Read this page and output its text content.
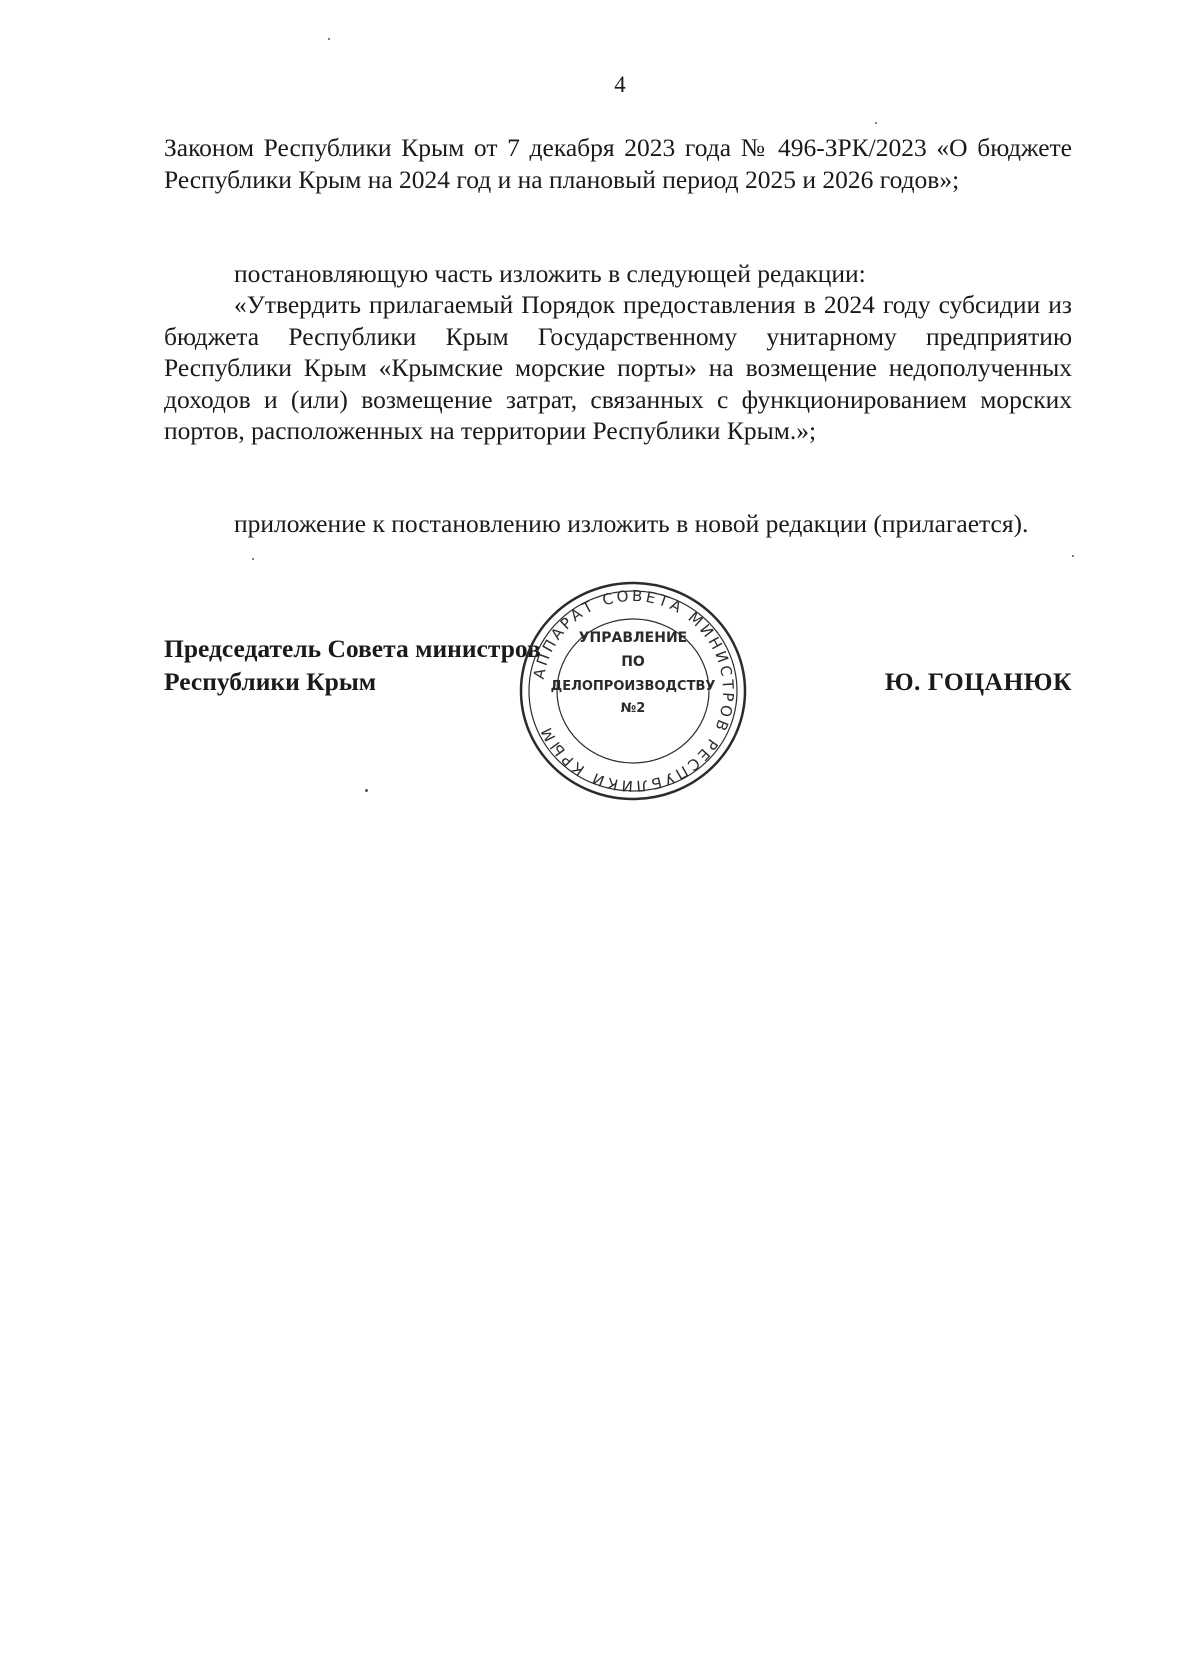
4

Законом Республики Крым от 7 декабря 2023 года № 496-ЗРК/2023 «О бюджете Республики Крым на 2024 год и на плановый период 2025 и 2026 годов»;

постановляющую часть изложить в следующей редакции:

«Утвердить прилагаемый Порядок предоставления в 2024 году субсидии из бюджета Республики Крым Государственному унитарному предприятию Республики Крым «Крымские морские порты» на возмещение недополученных доходов и (или) возмещение затрат, связанных с функционированием морских портов, расположенных на территории Республики Крым.»;

приложение к постановлению изложить в новой редакции (прилагается).

Председатель Совета министров
Республики Крым	Ю. ГОЦАНЮК
АППАРАТ СОВЕТА МИНИСТРОВ РЕСПУБЛИКИ КРЫМ
УПРАВЛЕНИЕ
ПО
ДЕЛОПРОИЗВОДСТВУ
№2
